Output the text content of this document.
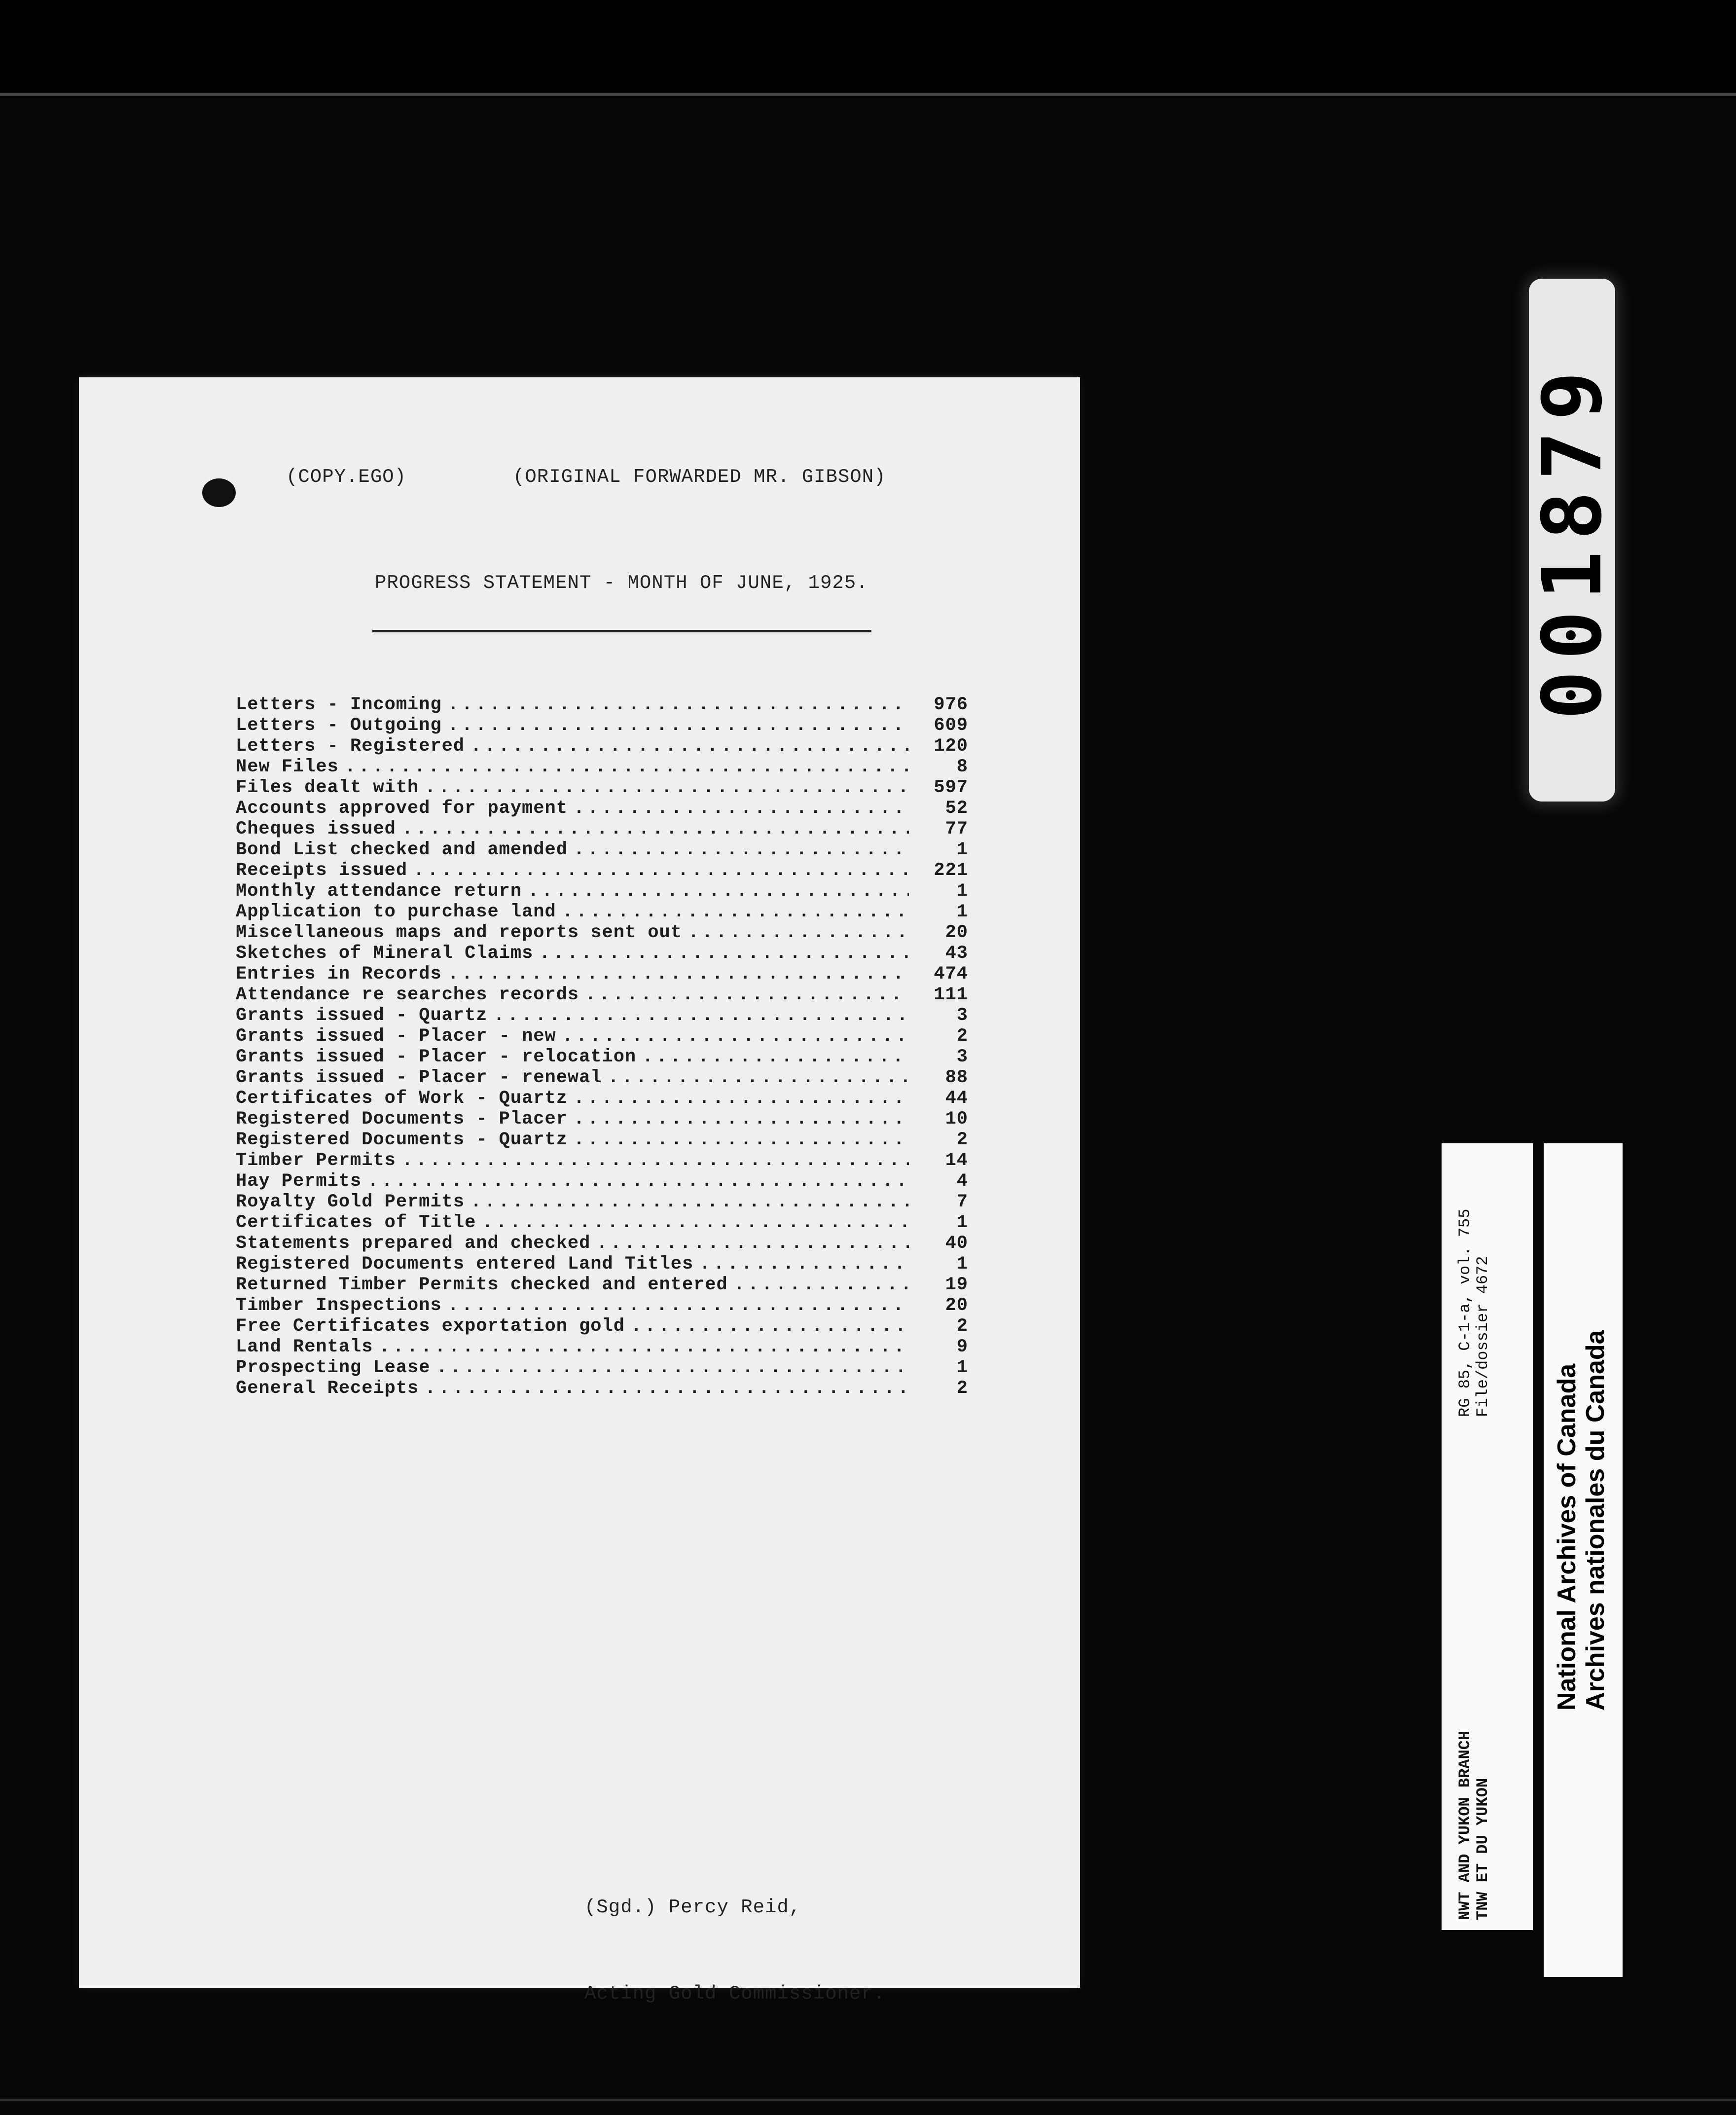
(COPY.EGO)	(ORIGINAL FORWARDED MR. GIBSON)
PROGRESS STATEMENT - MONTH OF JUNE, 1925.
Letters - Incoming .....	976
Letters - Outgoing .....	609
Letters - Registered .....	120
New Files .....	8
Files dealt with .....	597
Accounts approved for payment .....	52
Cheques issued .....	77
Bond List checked and amended .....	1
Receipts issued .....	221
Monthly attendance return .....	1
Application to purchase land .....	1
Miscellaneous maps and reports sent out .....	20
Sketches of Mineral Claims .....	43
Entries in Records .....	474
Attendance re searches records .....	111
Grants issued - Quartz .....	3
Grants issued - Placer - new .....	2
Grants issued - Placer - relocation .....	3
Grants issued - Placer - renewal .....	88
Certificates of Work - Quartz .....	44
Registered Documents - Placer .....	10
Registered Documents - Quartz .....	2
Timber Permits .....	14
Hay Permits .....	4
Royalty Gold Permits .....	7
Certificates of Title .....	1
Statements prepared and checked .....	40
Registered Documents entered Land Titles .....	1
Returned Timber Permits checked and entered .....	19
Timber Inspections .....	20
Free Certificates exportation gold .....	2
Land Rentals .....	9
Prospecting Lease .....	1
General Receipts .....	2
(Sgd.) Percy Reid,
Acting Gold Commissioner.
001879
NWT AND YUKON BRANCH
TNW ET DU YUKON
RG 85, C-1-a, vol. 755
File/dossier 4672
National Archives of Canada
Archives nationales du Canada
